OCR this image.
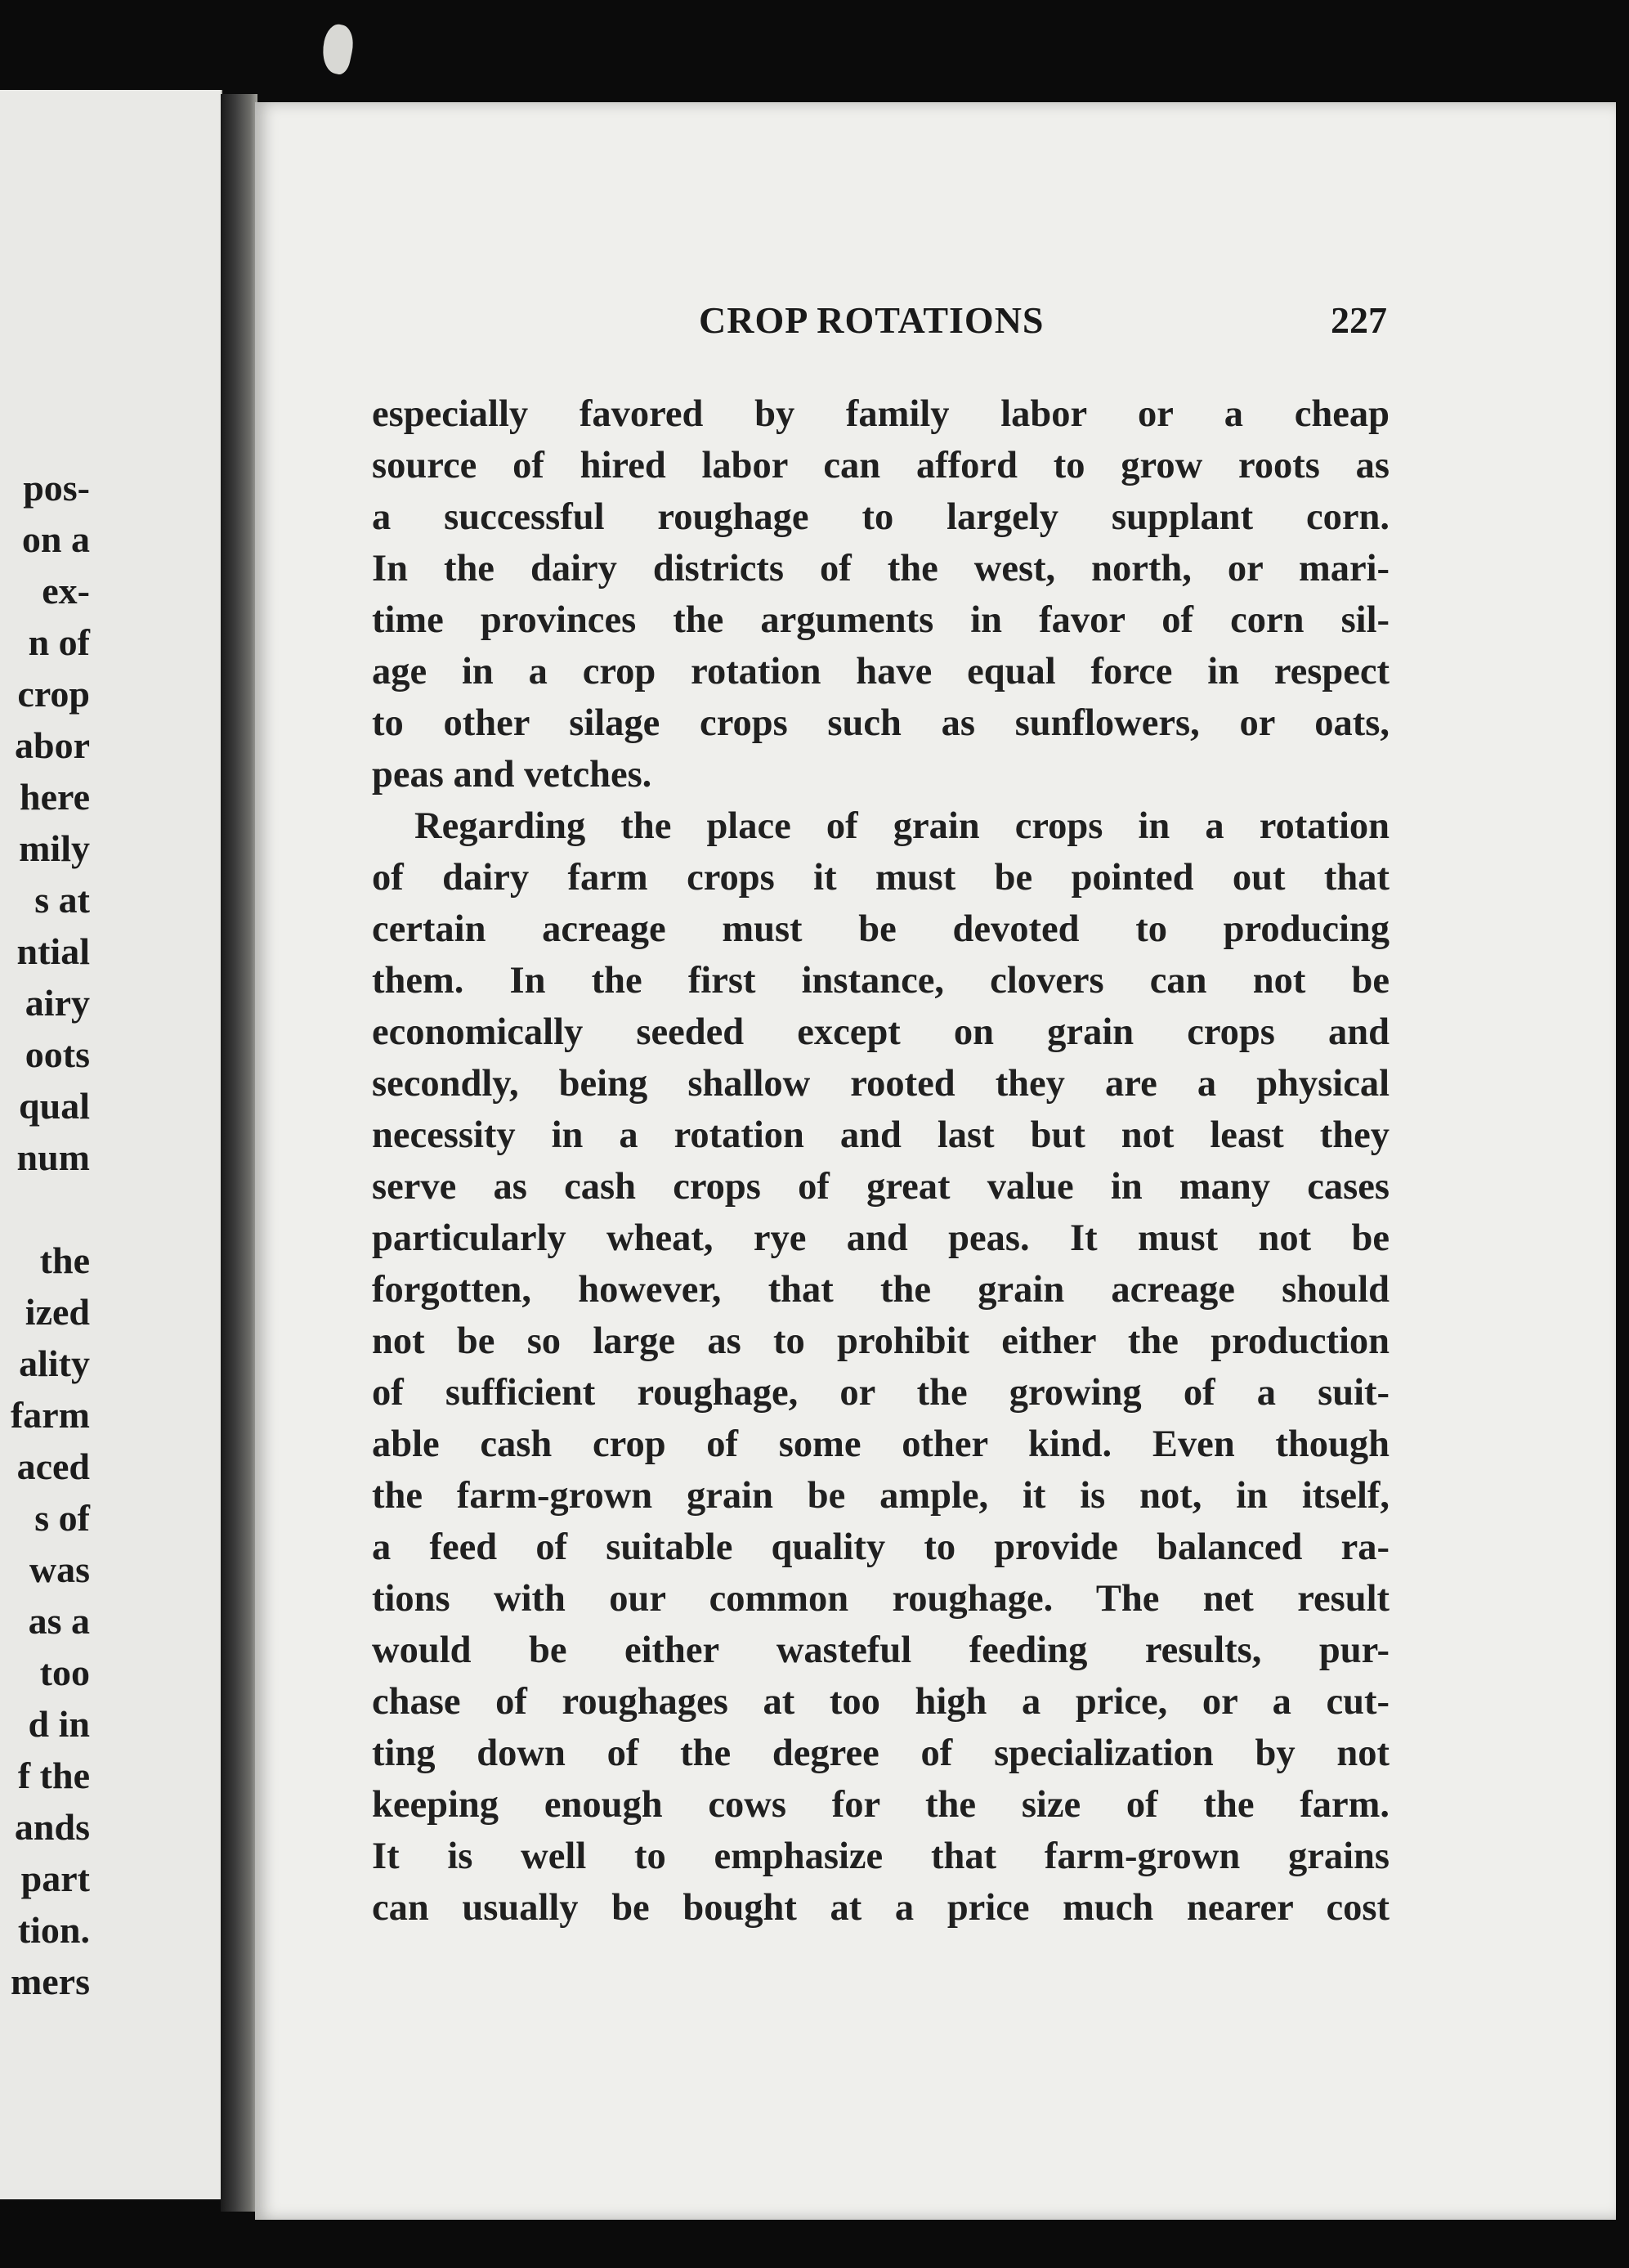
pos-
on a
ex-
n of
crop
abor
here
mily
s at
ntial
airy
oots
qual
num
the
ized
ality
farm
aced
s of
was
as a
too
d in
f the
ands
part
tion.
mers
CROP ROTATIONS	227
especially favored by family labor or a cheap
source of hired labor can afford to grow roots as
a successful roughage to largely supplant corn.
In the dairy districts of the west, north, or mari-
time provinces the arguments in favor of corn sil-
age in a crop rotation have equal force in respect
to other silage crops such as sunflowers, or oats,
peas and vetches.
Regarding the place of grain crops in a rotation
of dairy farm crops it must be pointed out that
certain acreage must be devoted to producing
them. In the first instance, clovers can not be
economically seeded except on grain crops and
secondly, being shallow rooted they are a physical
necessity in a rotation and last but not least they
serve as cash crops of great value in many cases
particularly wheat, rye and peas. It must not be
forgotten, however, that the grain acreage should
not be so large as to prohibit either the production
of sufficient roughage, or the growing of a suit-
able cash crop of some other kind. Even though
the farm-grown grain be ample, it is not, in itself,
a feed of suitable quality to provide balanced ra-
tions with our common roughage. The net result
would be either wasteful feeding results, pur-
chase of roughages at too high a price, or a cut-
ting down of the degree of specialization by not
keeping enough cows for the size of the farm.
It is well to emphasize that farm-grown grains
can usually be bought at a price much nearer cost
